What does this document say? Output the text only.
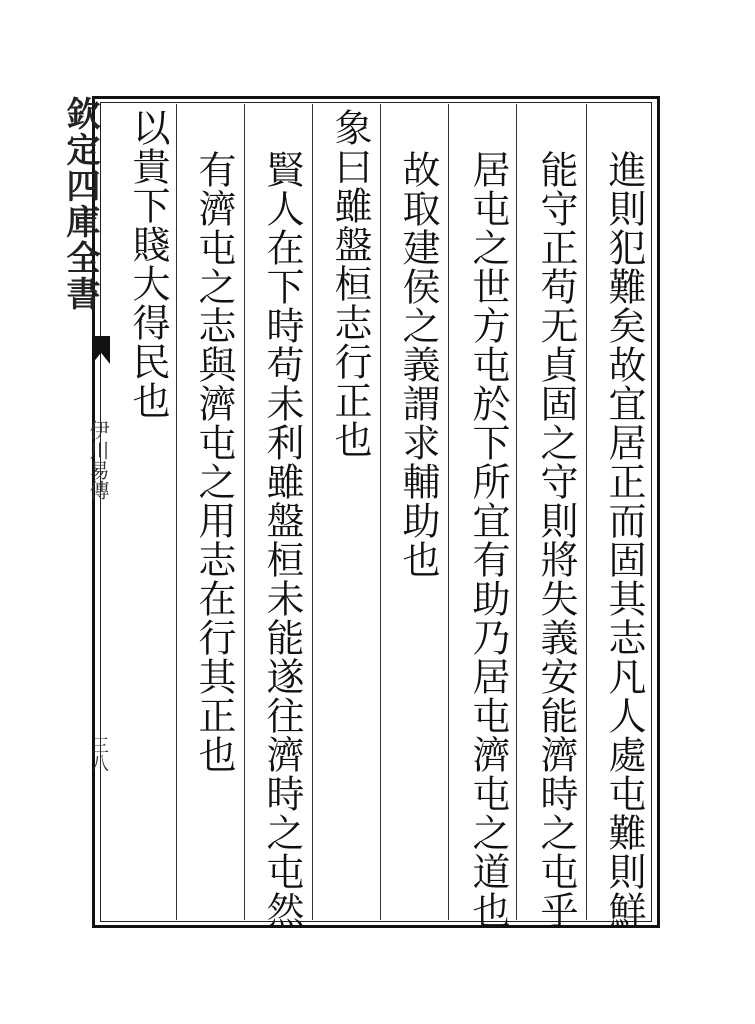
進則犯難矣故宜居正而固其志凡人處屯難則鮮
能守正苟无貞固之守則將失義安能濟時之屯乎
居屯之世方屯於下所宜有助乃居屯濟屯之道也
故取建侯之義謂求輔助也
象曰雖盤桓志行正也
賢人在下時苟未利雖盤桓未能遂往濟時之屯然
有濟屯之志與濟屯之用志在行其正也
以貴下賤大得民也
欽定四庫全書
伊川易傳
三八
